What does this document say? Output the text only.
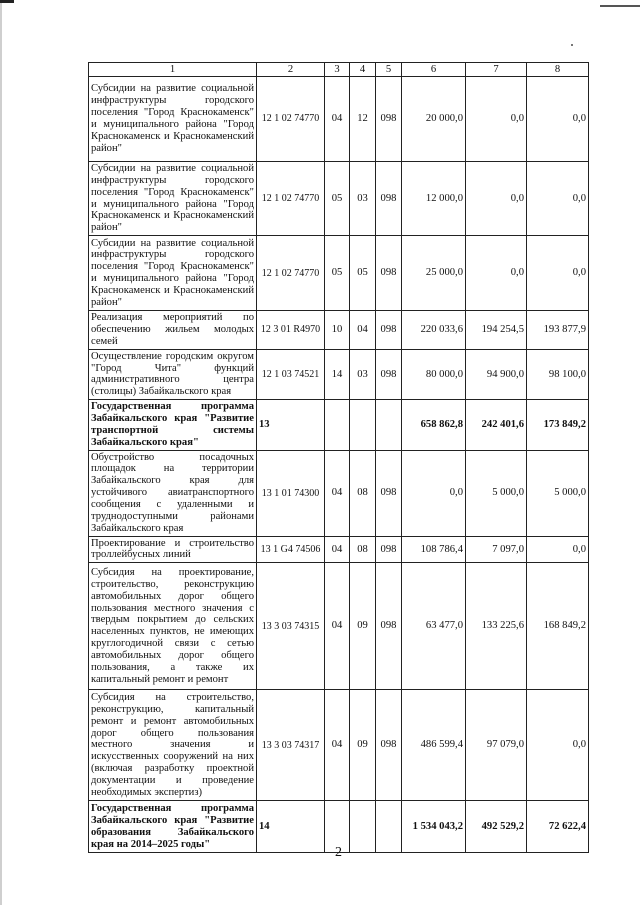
1	2	3	4	5	6	7	8
Субсидии на развитие социальной инфраструктуры городского поселения "Город Краснокаменск" и муниципального района "Город Краснокаменск и Краснокаменский район"	12 1 02 74770	04	12	098	20 000,0	0,0	0,0
Субсидии на развитие социальной инфраструктуры городского поселения "Город Краснокаменск" и муниципального района "Город Краснокаменск и Краснокаменский район"	12 1 02 74770	05	03	098	12 000,0	0,0	0,0
Субсидии на развитие социальной инфраструктуры городского поселения "Город Краснокаменск" и муниципального района "Город Краснокаменск и Краснокаменский район"	12 1 02 74770	05	05	098	25 000,0	0,0	0,0
Реализация мероприятий по обеспечению жильем молодых семей	12 3 01 R4970	10	04	098	220 033,6	194 254,5	193 877,9
Осуществление городским округом "Город Чита" функций административного центра (столицы) Забайкальского края	12 1 03 74521	14	03	098	80 000,0	94 900,0	98 100,0
Государственная программа Забайкальского края "Развитие транспортной системы Забайкальского края"	13				658 862,8	242 401,6	173 849,2
Обустройство посадочных площадок на территории Забайкальского края для устойчивого авиатранспортного сообщения с удаленными и труднодоступными районами Забайкальского края	13 1 01 74300	04	08	098	0,0	5 000,0	5 000,0
Проектирование и строительство троллейбусных линий	13 1 G4 74506	04	08	098	108 786,4	7 097,0	0,0
Субсидия на проектирование, строительство, реконструкцию автомобильных дорог общего пользования местного значения с твердым покрытием до сельских населенных пунктов, не имеющих круглогодичной связи с сетью автомобильных дорог общего пользования, а также их капитальный ремонт и ремонт	13 3 03 74315	04	09	098	63 477,0	133 225,6	168 849,2
Субсидия на строительство, реконструкцию, капитальный ремонт и ремонт автомобильных дорог общего пользования местного значения и искусственных сооружений на них (включая разработку проектной документации и проведение необходимых экспертиз)	13 3 03 74317	04	09	098	486 599,4	97 079,0	0,0
Государственная программа Забайкальского края "Развитие образования Забайкальского края на 2014–2025 годы"	14				1 534 043,2	492 529,2	72 622,4
2
